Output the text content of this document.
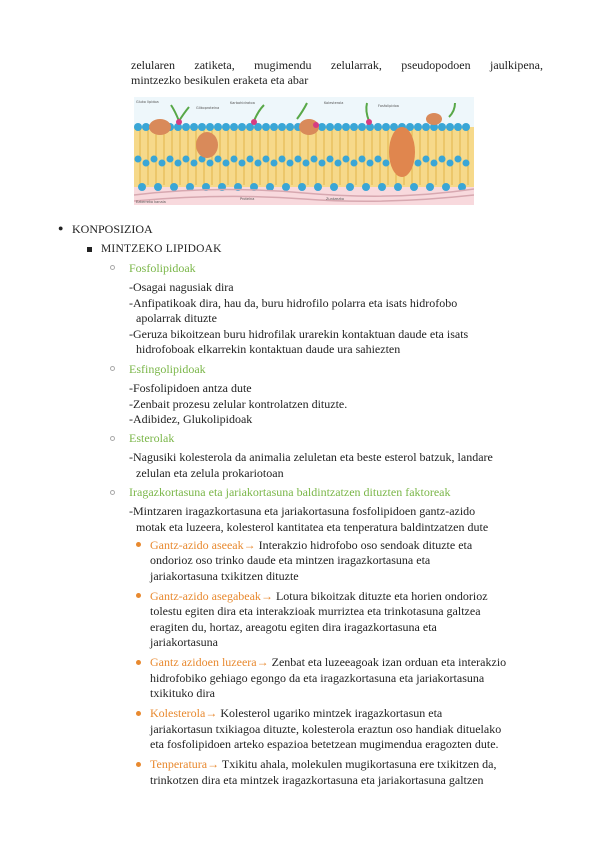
zelularen zatiketa, mugimendu zelularrak, pseudopodoen jaulkipena,
mintzezko besikulen eraketa eta abar
Gluko lipidoa
Glikoproteina
Karbohidratoa	Kolesterola
Fosfolipidoa
Proteina	Zuntzezko
Ezkerreko kanala
● KONPOSIZIOA
MINTZEKO LIPIDOAK
Fosfolipidoak
-Osagai nagusiak dira
-Anfipatikoak dira, hau da, buru hidrofilo polarra eta isats hidrofobo
apolarrak dituzte
-Geruza bikoitzean buru hidrofilak urarekin kontaktuan daude eta isats
hidrofoboak elkarrekin kontaktuan daude ura sahiezten
Esfingolipidoak
-Fosfolipidoen antza dute
-Zenbait prozesu zelular kontrolatzen dituzte.
-Adibidez, Glukolipidoak
Esterolak
-Nagusiki kolesterola da animalia zeluletan eta beste esterol batzuk, landare
zelulan eta zelula prokariotoan
Iragazkortasuna eta jariakortasuna baldintzatzen dituzten faktoreak
-Mintzaren iragazkortasuna eta jariakortasuna fosfolipidoen gantz-azido
motak eta luzeera, kolesterol kantitatea eta tenperatura baldintzatzen dute
Gantz-azido aseeak→ Interakzio hidrofobo oso sendoak dituzte eta
ondorioz oso trinko daude eta mintzen iragazkortasuna eta
jariakortasuna txikitzen dituzte
Gantz-azido asegabeak→ Lotura bikoitzak dituzte eta horien ondorioz
tolestu egiten dira eta interakzioak murriztea eta trinkotasuna galtzea
eragiten du, hortaz, areagotu egiten dira iragazkortasuna eta
jariakortasuna
Gantz azidoen luzeera→ Zenbat eta luzeeagoak izan orduan eta interakzio
hidrofobiko gehiago egongo da eta iragazkortasuna eta jariakortasuna
txikituko dira
Kolesterola→ Kolesterol ugariko mintzek iragazkortasun eta
jariakortasun txikiagoa dituzte, kolesterola eraztun oso handiak dituelako
eta fosfolipidoen arteko espazioa betetzean mugimendua eragozten dute.
Tenperatura→ Txikitu ahala, molekulen mugikortasuna ere txikitzen da,
trinkotzen dira eta mintzek iragazkortasuna eta jariakortasuna galtzen
